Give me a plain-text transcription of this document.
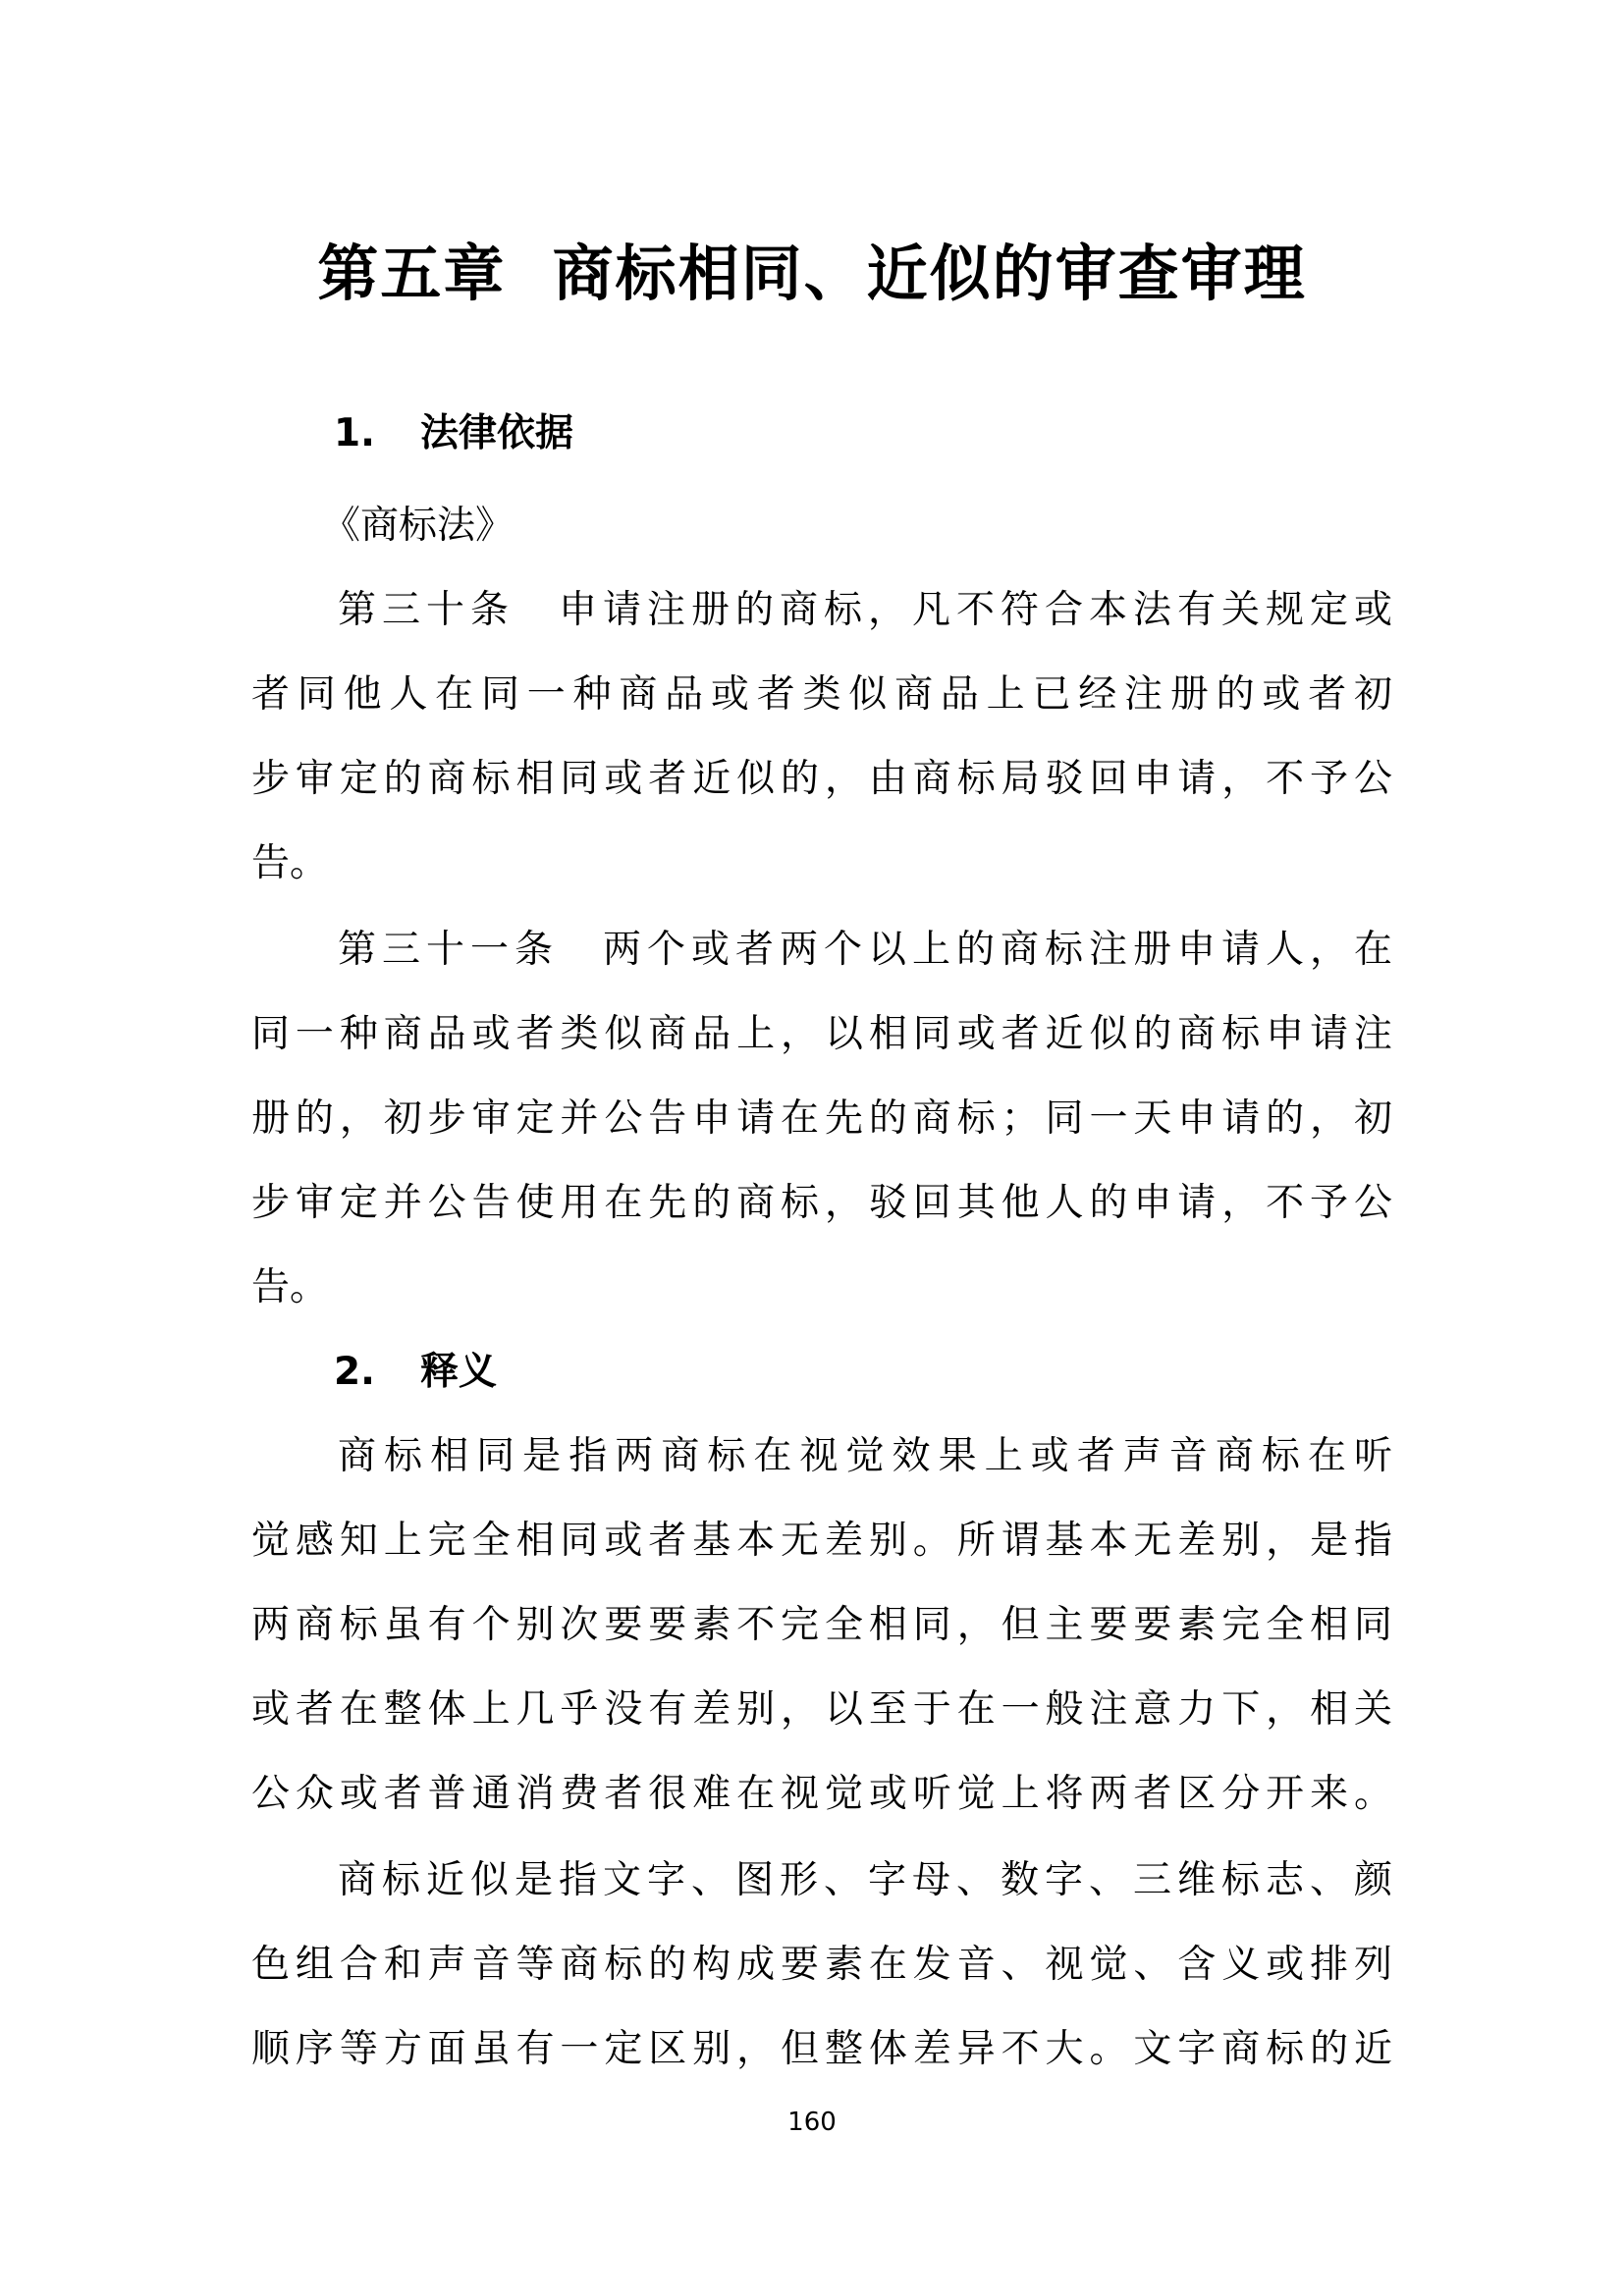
第五章  商标相同、近似的审查审理
1. 法律依据
《商标法》
第三十条　申请注册的商标，凡不符合本法有关规定或
者同他人在同一种商品或者类似商品上已经注册的或者初
步审定的商标相同或者近似的，由商标局驳回申请，不予公
告。
第三十一条　两个或者两个以上的商标注册申请人，在
同一种商品或者类似商品上，以相同或者近似的商标申请注
册的，初步审定并公告申请在先的商标；同一天申请的，初
步审定并公告使用在先的商标，驳回其他人的申请，不予公
告。
2. 释义
商标相同是指两商标在视觉效果上或者声音商标在听
觉感知上完全相同或者基本无差别。所谓基本无差别，是指
两商标虽有个别次要要素不完全相同，但主要要素完全相同
或者在整体上几乎没有差别，以至于在一般注意力下，相关
公众或者普通消费者很难在视觉或听觉上将两者区分开来。
商标近似是指文字、图形、字母、数字、三维标志、颜
色组合和声音等商标的构成要素在发音、视觉、含义或排列
顺序等方面虽有一定区别，但整体差异不大。文字商标的近
160
